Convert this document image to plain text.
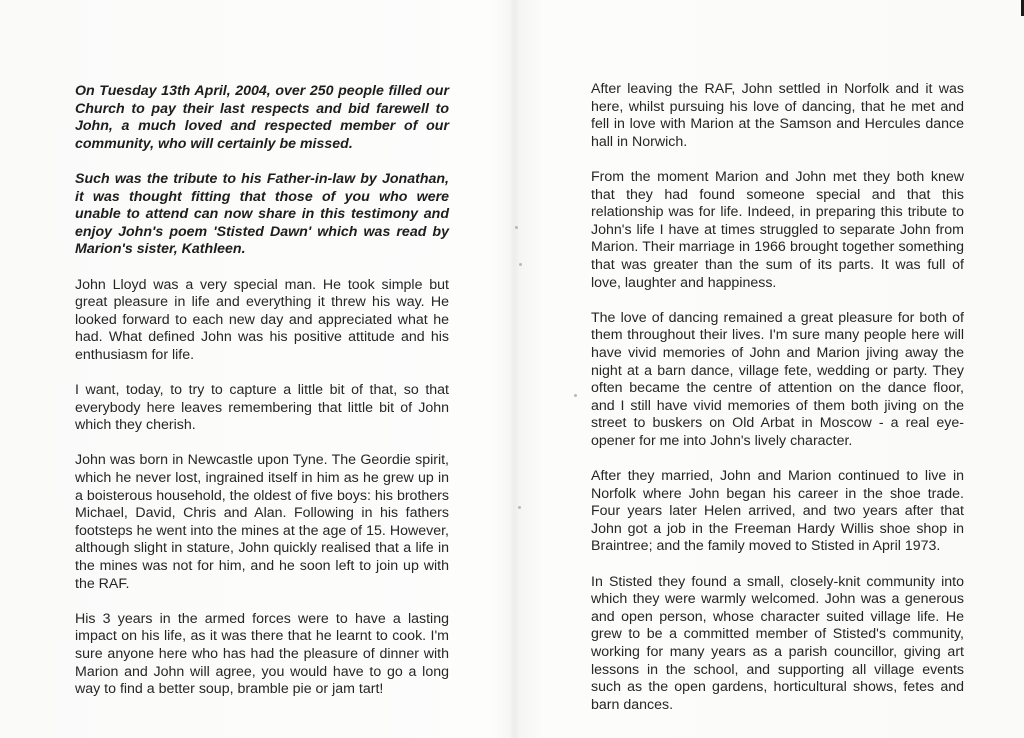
On Tuesday 13th April, 2004, over 250 people filled our Church to pay their last respects and bid farewell to John, a much loved and respected member of our community, who will certainly be missed.

Such was the tribute to his Father-in-law by Jonathan, it was thought fitting that those of you who were unable to attend can now share in this testimony and enjoy John's poem 'Stisted Dawn' which was read by Marion's sister, Kathleen.

John Lloyd was a very special man. He took simple but great pleasure in life and everything it threw his way. He looked forward to each new day and appreciated what he had. What defined John was his positive attitude and his enthusiasm for life.

I want, today, to try to capture a little bit of that, so that everybody here leaves remembering that little bit of John which they cherish.

John was born in Newcastle upon Tyne. The Geordie spirit, which he never lost, ingrained itself in him as he grew up in a boisterous household, the oldest of five boys: his brothers Michael, David, Chris and Alan. Following in his fathers footsteps he went into the mines at the age of 15. However, although slight in stature, John quickly realised that a life in the mines was not for him, and he soon left to join up with the RAF.

His 3 years in the armed forces were to have a lasting impact on his life, as it was there that he learnt to cook. I'm sure anyone here who has had the pleasure of dinner with Marion and John will agree, you would have to go a long way to find a better soup, bramble pie or jam tart!

After leaving the RAF, John settled in Norfolk and it was here, whilst pursuing his love of dancing, that he met and fell in love with Marion at the Samson and Hercules dance hall in Norwich.

From the moment Marion and John met they both knew that they had found someone special and that this relationship was for life. Indeed, in preparing this tribute to John's life I have at times struggled to separate John from Marion. Their marriage in 1966 brought together something that was greater than the sum of its parts. It was full of love, laughter and happiness.

The love of dancing remained a great pleasure for both of them throughout their lives. I'm sure many people here will have vivid memories of John and Marion jiving away the night at a barn dance, village fete, wedding or party. They often became the centre of attention on the dance floor, and I still have vivid memories of them both jiving on the street to buskers on Old Arbat in Moscow - a real eye-opener for me into John's lively character.

After they married, John and Marion continued to live in Norfolk where John began his career in the shoe trade. Four years later Helen arrived, and two years after that John got a job in the Freeman Hardy Willis shoe shop in Braintree; and the family moved to Stisted in April 1973.

In Stisted they found a small, closely-knit community into which they were warmly welcomed. John was a generous and open person, whose character suited village life. He grew to be a committed member of Stisted's community, working for many years as a parish councillor, giving art lessons in the school, and supporting all village events such as the open gardens, horticultural shows, fetes and barn dances.
